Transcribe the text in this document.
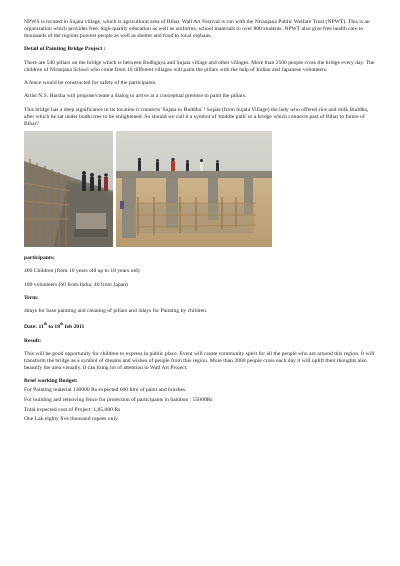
NPWS is located in Sujata village, which is agricultural area of Bihar. Wall Art Festival is run with the Niranjana Public Welfare Trust (NPWT). This is an organization which provides free, high-quality education as well as uniforms, school materials to over 800 students. NPWT also give free health care to thousands of the regions poorest people as well as shelter and food to local orphans.

Detail of Painting Bridge Project :

There are 540 pillars on the bridge which is between Bodhgaya and Sujata village and other villages. More than 2500 people cross the bridge every day. The children of Niranjana School who come from 10 different villages will paint the pillars with the help of Indian and Japanese volunteers.

A fence would be constructed for safety of the participants.

Artist N.S. Harsha will propose/create a dialog to arrive at a conceptual premise to paint the pillars.

This bridge has a deep significance in its location it connects 'Sujata to Buddha' ! Sujata (from Sujata Village) the lady who offered rice and milk Buddha, after which he sat under bodhi tree to be enlightened. So should we call it a symbol of 'middle path' or a bridge which connects past of Bihar to future of Bihar?

participants:

400 Children (from 10 years old up to 18 years old)

100 volunteers (60 from India, 40 from Japan)

Term:

4days for base painting and cleaning of pillars and 4days for Painting by children.

Date: 11th to 18th feb 2011
Result:

This will be good opportunity for children to express in public place. Event will create community spirit for all the people who are around this region. It will transform the bridge as a symbol of dreams and wishes of people from this region. More than 2000 people cross each day it will uplift their thoughts also beautify the area visually. It can bring lot of attention to Wall Art Project.

Brief working Budget:

For Painting material 130000 Rs expected 600 litre of paint and brushes.

For building and removing fence for protection of participants in bamboo : 55000Rs

Total expected cost of Project: 1,85,000 Rs

One Lak eighty five thousand rupees only.
